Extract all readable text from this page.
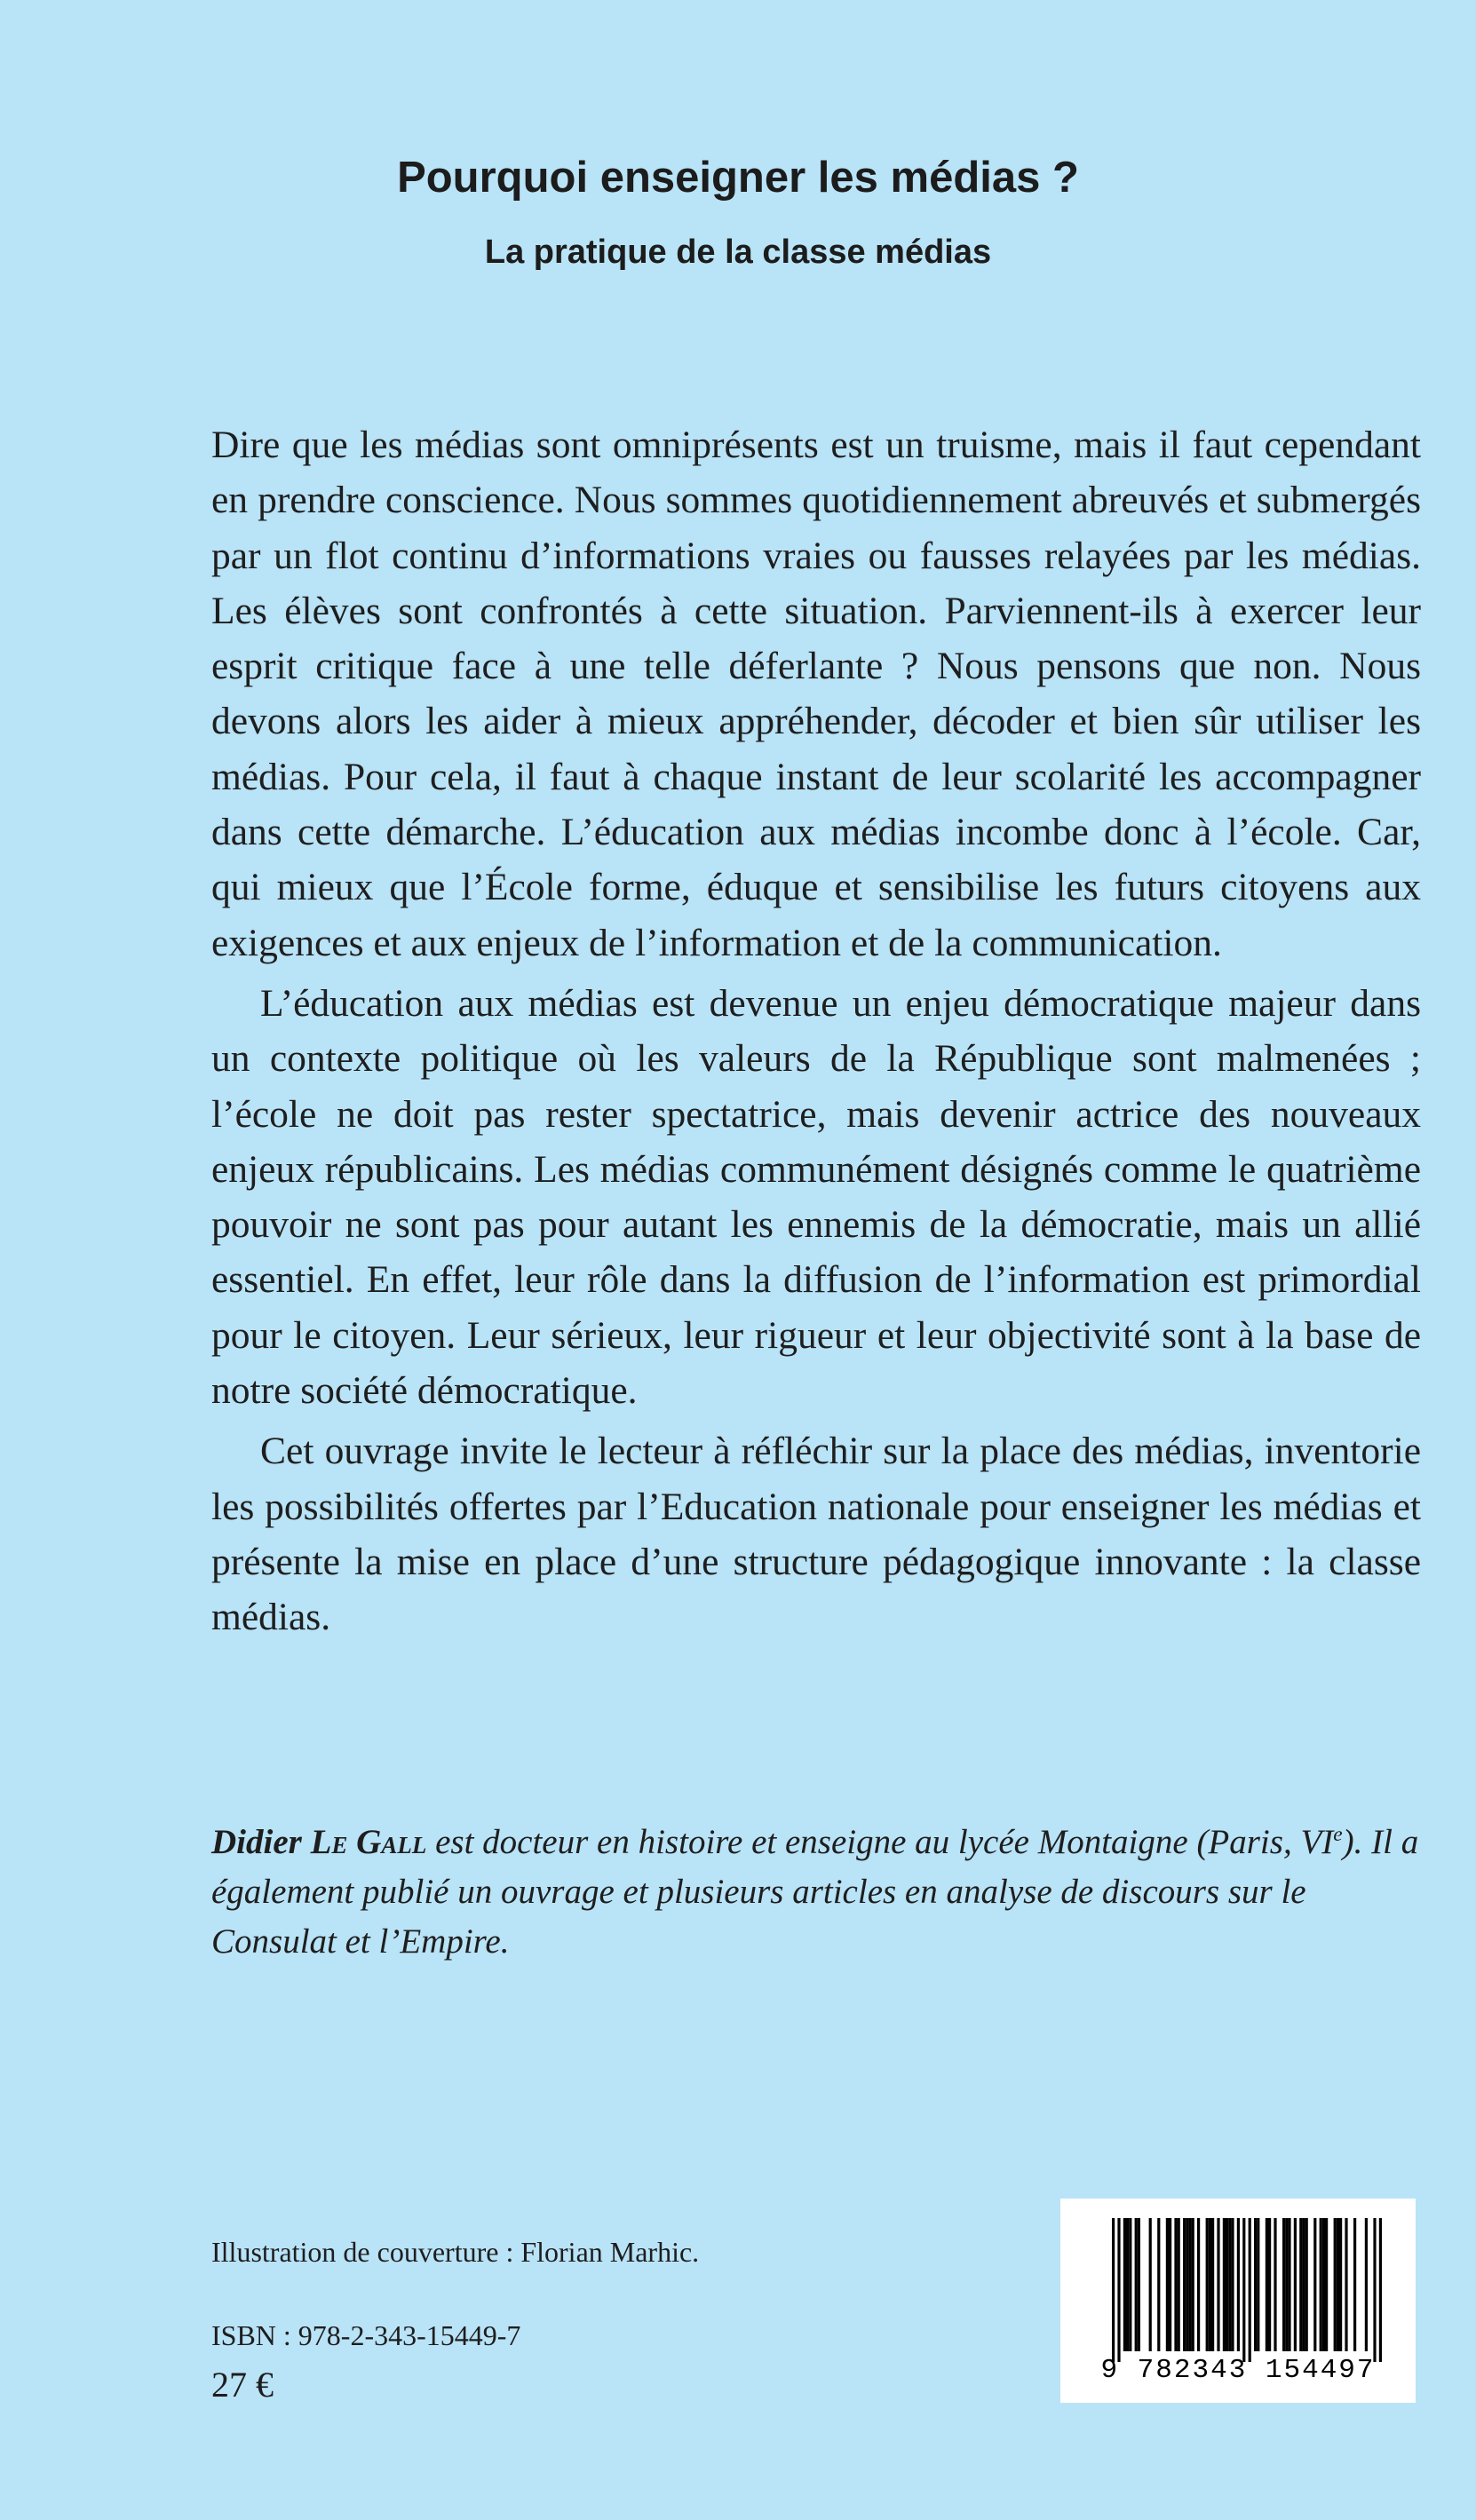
Pourquoi enseigner les médias ?
La pratique de la classe médias

Dire que les médias sont omniprésents est un truisme, mais il faut cependant en prendre conscience. Nous sommes quotidiennement abreuvés et submergés par un flot continu d’informations vraies ou fausses relayées par les médias. Les élèves sont confrontés à cette situation. Parviennent-ils à exercer leur esprit critique face à une telle déferlante ? Nous pensons que non. Nous devons alors les aider à mieux appréhender, décoder et bien sûr utiliser les médias. Pour cela, il faut à chaque instant de leur scolarité les accompagner dans cette démarche. L’éducation aux médias incombe donc à l’école. Car, qui mieux que l’École forme, éduque et sensibilise les futurs citoyens aux exigences et aux enjeux de l’information et de la communication.

L’éducation aux médias est devenue un enjeu démocratique majeur dans un contexte politique où les valeurs de la République sont malmenées ; l’école ne doit pas rester spectatrice, mais devenir actrice des nouveaux enjeux républicains. Les médias communément désignés comme le quatrième pouvoir ne sont pas pour autant les ennemis de la démocratie, mais un allié essentiel. En effet, leur rôle dans la diffusion de l’information est primordial pour le citoyen. Leur sérieux, leur rigueur et leur objectivité sont à la base de notre société démocratique.

Cet ouvrage invite le lecteur à réfléchir sur la place des médias, inventorie les possibilités offertes par l’Education nationale pour enseigner les médias et présente la mise en place d’une structure pédagogique innovante : la classe médias.

Didier Le Gall est docteur en histoire et enseigne au lycée Montaigne (Paris, VIe). Il a également publié un ouvrage et plusieurs articles en analyse de discours sur le Consulat et l’Empire.
Illustration de couverture : Florian Marhic.
ISBN : 978-2-343-15449-7
27 €	9 782343 154497
